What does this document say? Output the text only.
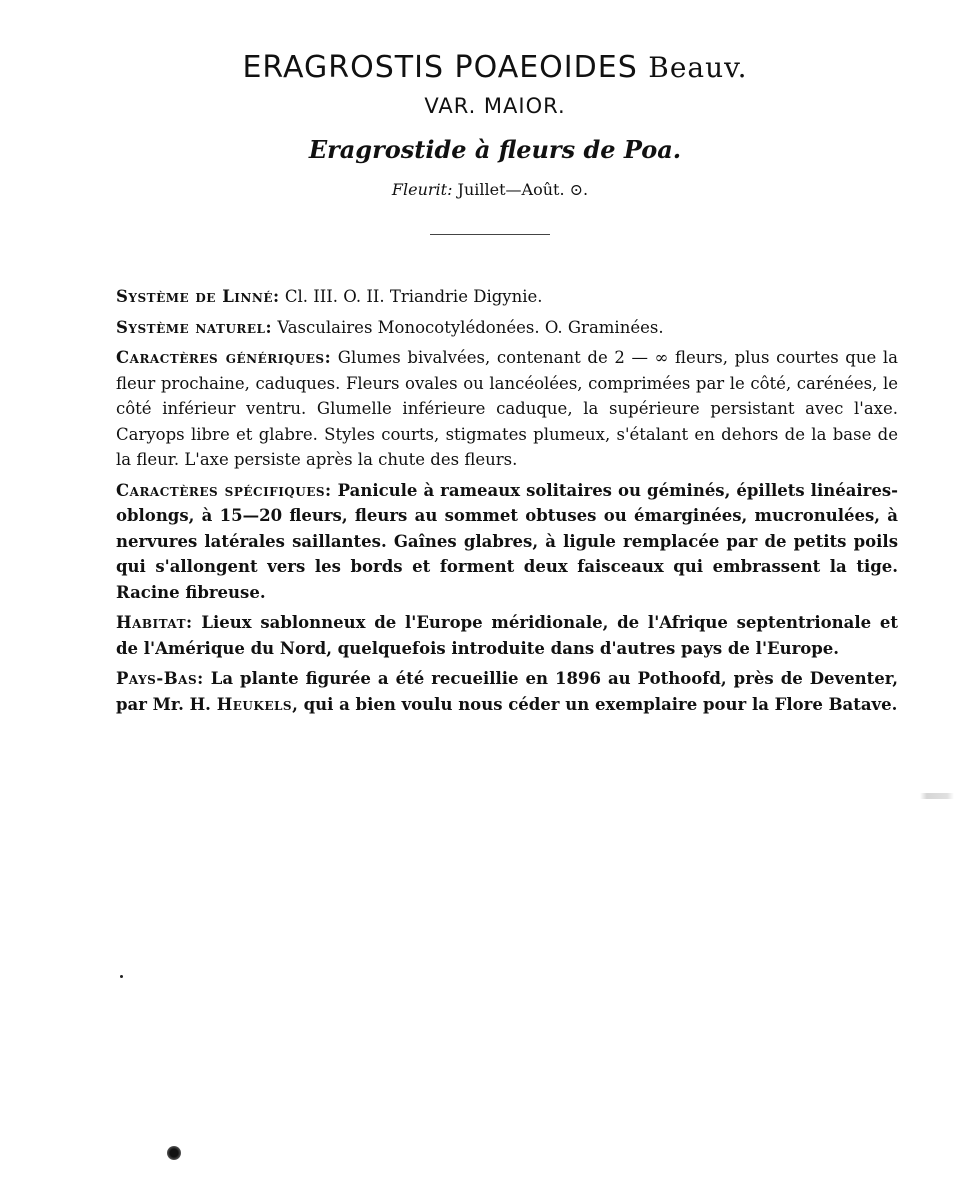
ERAGROSTIS POAEOIDES Beauv.
VAR. MAIOR.
Eragrostide à fleurs de Poa.
Fleurit: Juillet—Août. ⊙.

Système de Linné: Cl. III. O. II. Triandrie Digynie.

Système naturel: Vasculaires Monocotylédonées. O. Graminées.

Caractères génériques: Glumes bivalvées, contenant de 2 — ∞ fleurs, plus courtes que la fleur prochaine, caduques. Fleurs ovales ou lancéolées, comprimées par le côté, carénées, le côté inférieur ventru. Glumelle inférieure caduque, la supérieure persistant avec l'axe. Caryops libre et glabre. Styles courts, stigmates plumeux, s'étalant en dehors de la base de la fleur. L'axe persiste après la chute des fleurs.

Caractères spécifiques: Panicule à rameaux solitaires ou géminés, épillets linéaires-oblongs, à 15—20 fleurs, fleurs au sommet obtuses ou émarginées, mucronulées, à nervures latérales saillantes. Gaînes glabres, à ligule remplacée par de petits poils qui s'allongent vers les bords et forment deux faisceaux qui embrassent la tige. Racine fibreuse.

Habitat: Lieux sablonneux de l'Europe méridionale, de l'Afrique septentrionale et de l'Amérique du Nord, quelquefois introduite dans d'autres pays de l'Europe.

Pays-Bas: La plante figurée a été recueillie en 1896 au Pothoofd, près de Deventer, par Mr. H. Heukels, qui a bien voulu nous céder un exemplaire pour la Flore Batave.
